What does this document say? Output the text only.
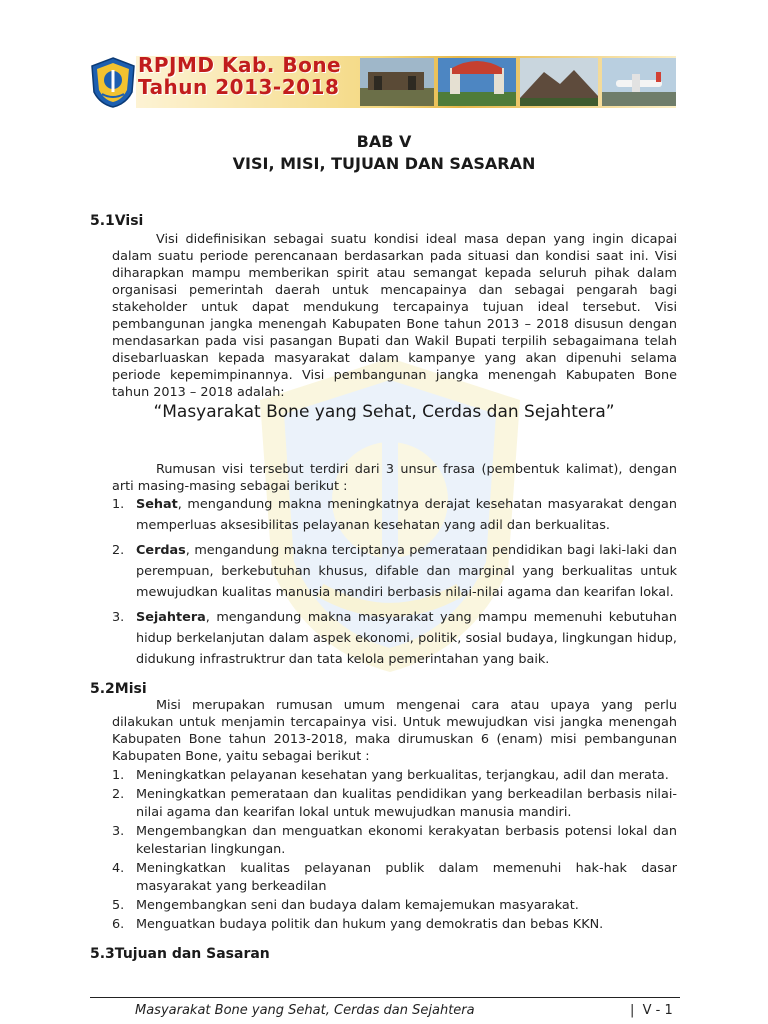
RPJMD Kab. Bone
Tahun 2013-2018
BAB V
VISI, MISI, TUJUAN DAN SASARAN
5.1Visi
Visi didefinisikan sebagai suatu kondisi ideal masa depan yang ingin dicapai dalam suatu periode perencanaan berdasarkan pada situasi dan kondisi saat ini. Visi diharapkan mampu memberikan spirit atau semangat kepada seluruh pihak dalam organisasi pemerintah daerah untuk mencapainya dan sebagai pengarah bagi stakeholder untuk dapat mendukung tercapainya tujuan ideal tersebut. Visi pembangunan jangka menengah Kabupaten Bone tahun 2013 – 2018 disusun dengan mendasarkan pada visi pasangan Bupati dan Wakil Bupati terpilih sebagaimana telah disebarluaskan kepada masyarakat dalam kampanye yang akan dipenuhi selama periode kepemimpinannya. Visi pembangunan jangka menengah Kabupaten Bone tahun 2013 – 2018 adalah:
“Masyarakat Bone yang Sehat, Cerdas dan Sejahtera”
Rumusan visi tersebut terdiri dari 3 unsur frasa (pembentuk kalimat), dengan arti masing-masing sebagai berikut :
1. Sehat, mengandung makna meningkatnya derajat kesehatan masyarakat dengan memperluas aksesibilitas pelayanan kesehatan yang adil dan berkualitas.
2. Cerdas, mengandung makna terciptanya pemerataan pendidikan bagi laki-laki dan perempuan, berkebutuhan khusus, difable dan marginal yang berkualitas untuk mewujudkan kualitas manusia mandiri berbasis nilai-nilai agama dan kearifan lokal.
3. Sejahtera, mengandung makna masyarakat yang mampu memenuhi kebutuhan hidup berkelanjutan dalam aspek ekonomi, politik, sosial budaya, lingkungan hidup, didukung infrastruktrur dan tata kelola pemerintahan yang baik.
5.2Misi
Misi merupakan rumusan umum mengenai cara atau upaya yang perlu dilakukan untuk menjamin tercapainya visi. Untuk mewujudkan visi jangka menengah Kabupaten Bone tahun 2013-2018, maka dirumuskan 6 (enam) misi pembangunan Kabupaten Bone, yaitu sebagai berikut :
1. Meningkatkan pelayanan kesehatan yang berkualitas, terjangkau, adil dan merata.
2. Meningkatkan pemerataan dan kualitas pendidikan yang berkeadilan berbasis nilai-nilai agama dan kearifan lokal untuk mewujudkan manusia mandiri.
3. Mengembangkan dan menguatkan ekonomi kerakyatan berbasis potensi lokal dan kelestarian lingkungan.
4. Meningkatkan kualitas pelayanan publik dalam memenuhi hak-hak dasar masyarakat yang berkeadilan
5. Mengembangkan seni dan budaya dalam kemajemukan masyarakat.
6. Menguatkan budaya politik dan hukum yang demokratis dan bebas KKN.
5.3Tujuan dan Sasaran
Masyarakat Bone yang Sehat, Cerdas dan Sejahtera	|  V - 1
